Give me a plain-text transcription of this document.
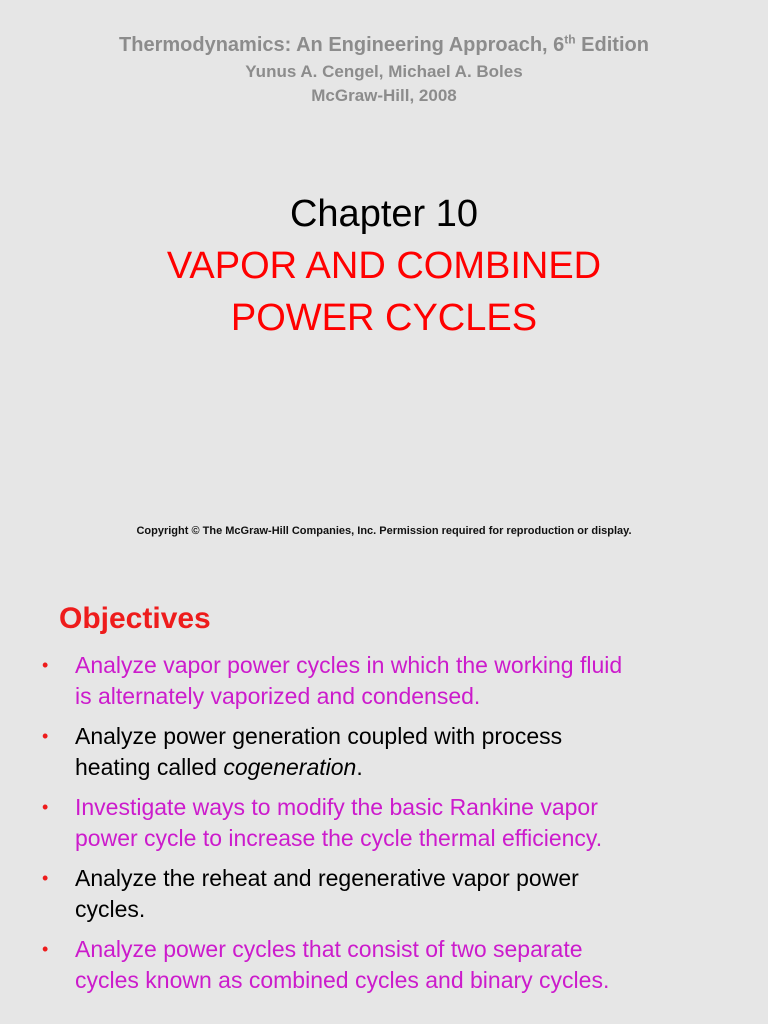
Thermodynamics: An Engineering Approach, 6th Edition
Yunus A. Cengel, Michael A. Boles
McGraw-Hill, 2008
Chapter 10
VAPOR AND COMBINED
POWER CYCLES
Copyright © The McGraw-Hill Companies, Inc. Permission required for reproduction or display.
Objectives
• Analyze vapor power cycles in which the working fluid
is alternately vaporized and condensed.
• Analyze power generation coupled with process
heating called cogeneration.
• Investigate ways to modify the basic Rankine vapor
power cycle to increase the cycle thermal efficiency.
• Analyze the reheat and regenerative vapor power
cycles.
• Analyze power cycles that consist of two separate
cycles known as combined cycles and binary cycles.
